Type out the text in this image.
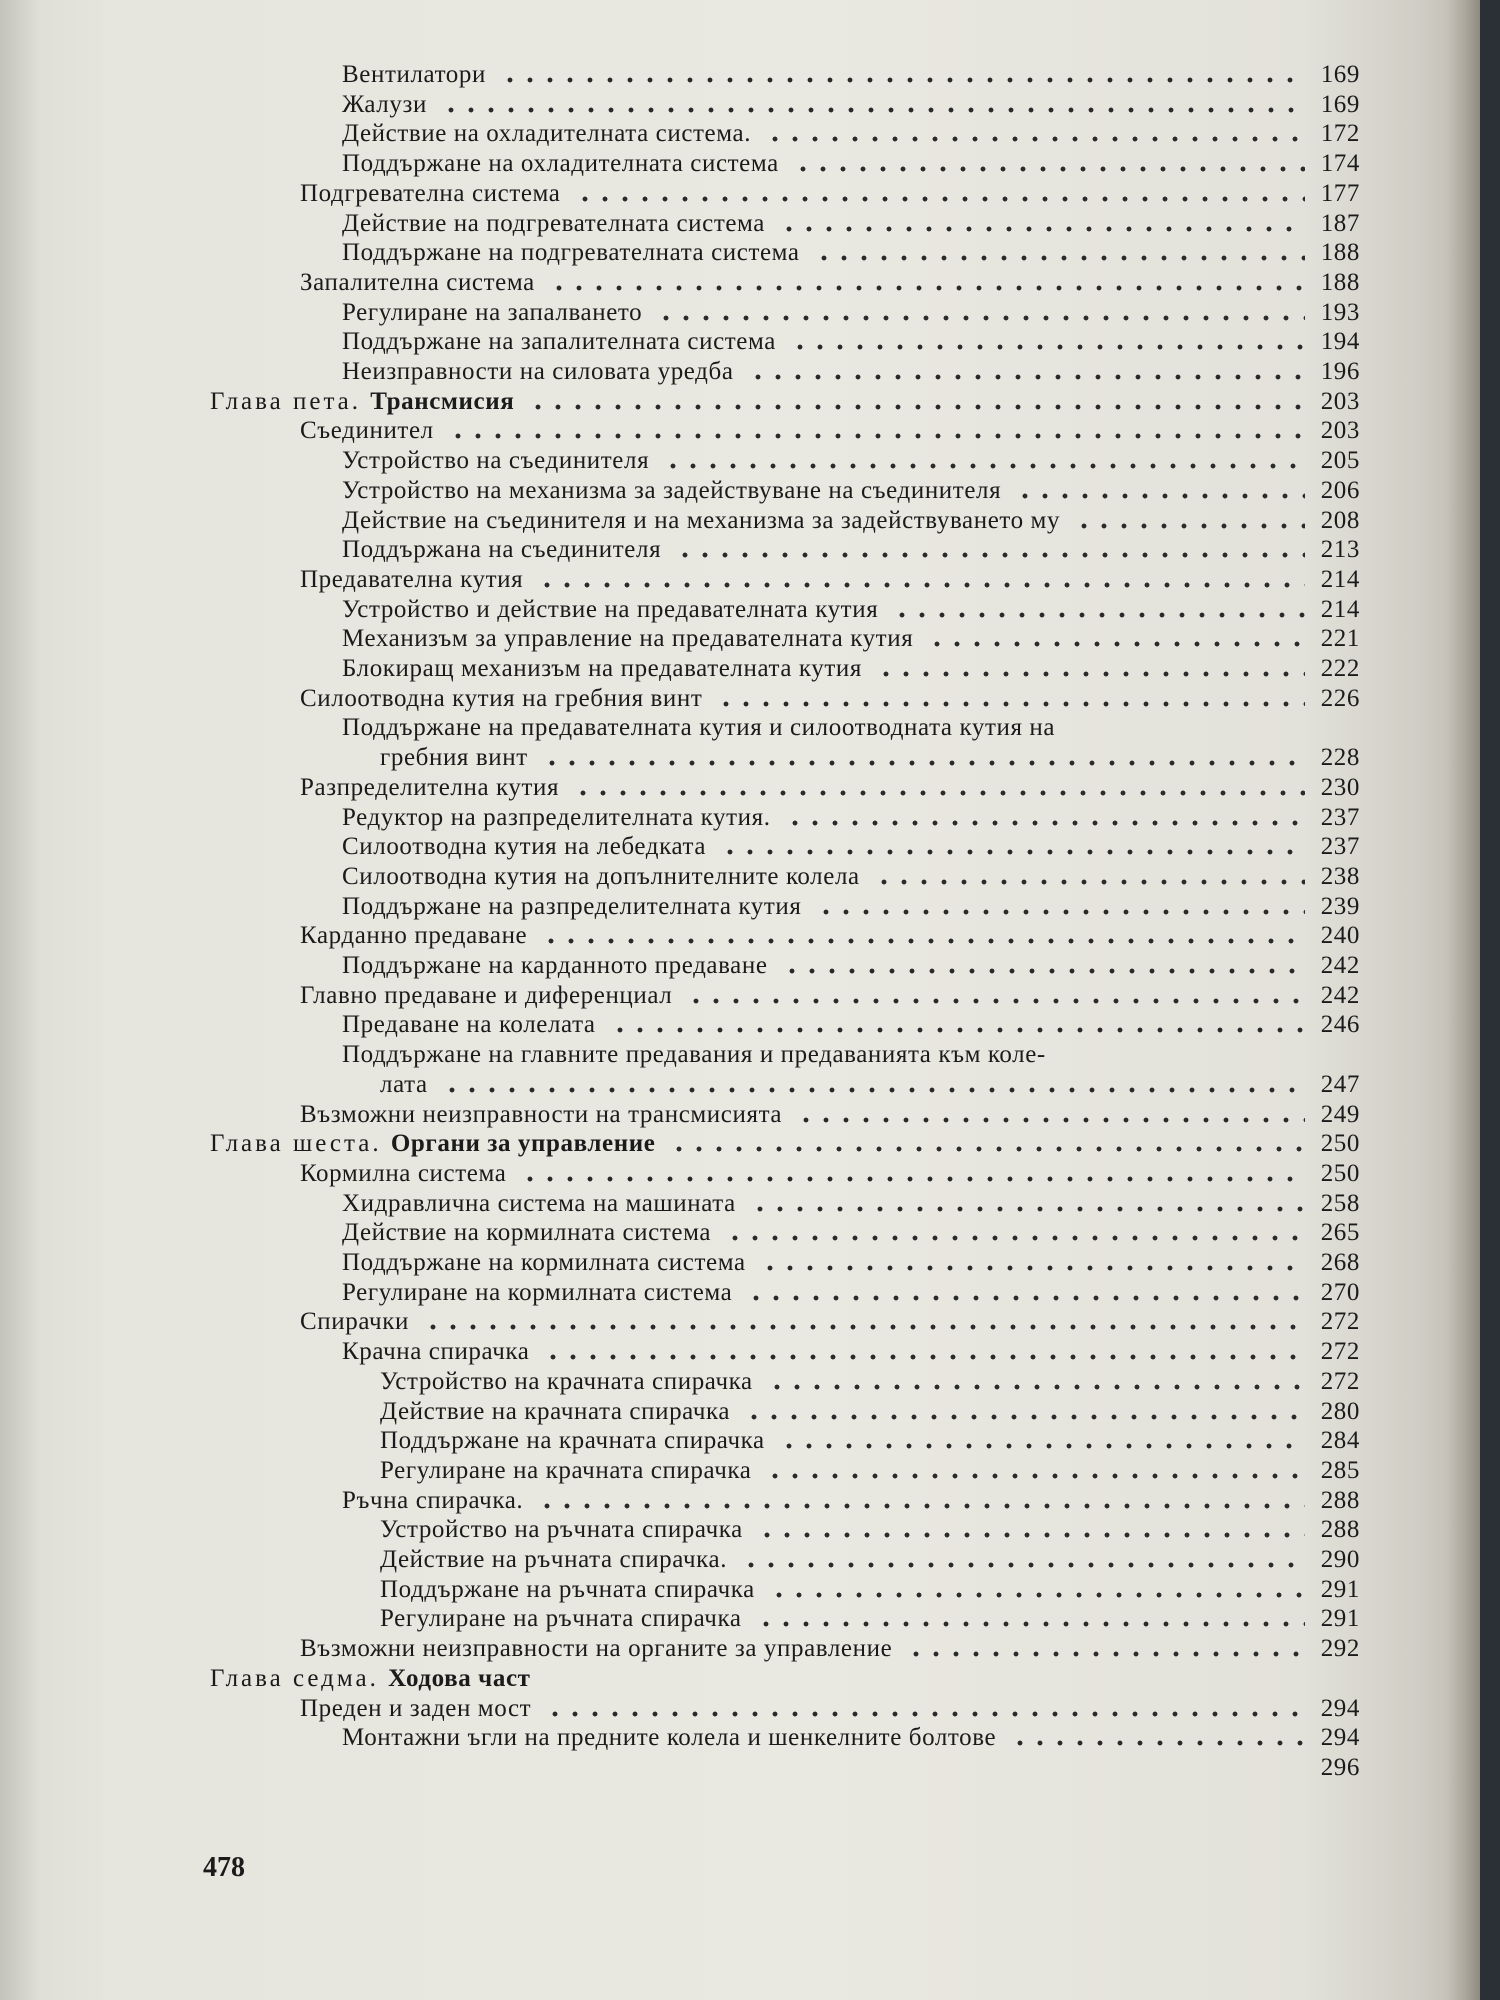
Вентилатори	169
Жалузи	169
Действие на охладителната система.	172
Поддържане на охладителната система	174
Подгревателна система	177
Действие на подгревателната система	187
Поддържане на подгревателната система	188
Запалителна система	188
Регулиране на запалването	193
Поддържане на запалителната система	194
Неизправности на силовата уредба	196
Глава пета. Трансмисия	203
Съединител	203
Устройство на съединителя	205
Устройство на механизма за задействуване на съединителя	206
Действие на съединителя и на механизма за задействуването му	208
Поддържана на съединителя	213
Предавателна кутия	214
Устройство и действие на предавателната кутия	214
Механизъм за управление на предавателната кутия	221
Блокиращ механизъм на предавателната кутия	222
Силоотводна кутия на гребния винт	226
Поддържане на предавателната кутия и силоотводната кутия на
гребния винт	228
Разпределителна кутия	230
Редуктор на разпределителната кутия.	237
Силоотводна кутия на лебедката	237
Силоотводна кутия на допълнителните колела	238
Поддържане на разпределителната кутия	239
Карданно предаване	240
Поддържане на карданното предаване	242
Главно предаване и диференциал	242
Предаване на колелата	246
Поддържане на главните предавания и предаванията към коле-
лата	247
Възможни неизправности на трансмисията	249
Глава шеста. Органи за управление	250
Кормилна система	250
Хидравлична система на машината	258
Действие на кормилната система	265
Поддържане на кормилната система	268
Регулиране на кормилната система	270
Спирачки	272
Крачна спирачка	272
Устройство на крачната спирачка	272
Действие на крачната спирачка	280
Поддържане на крачната спирачка	284
Регулиране на крачната спирачка	285
Ръчна спирачка.	288
Устройство на ръчната спирачка	288
Действие на ръчната спирачка.	290
Поддържане на ръчната спирачка	291
Регулиране на ръчната спирачка	291
Възможни неизправности на органите за управление	292
Глава седма. Ходова част
Преден и заден мост	294
Монтажни ъгли на предните колела и шенкелните болтове	294
296
478
